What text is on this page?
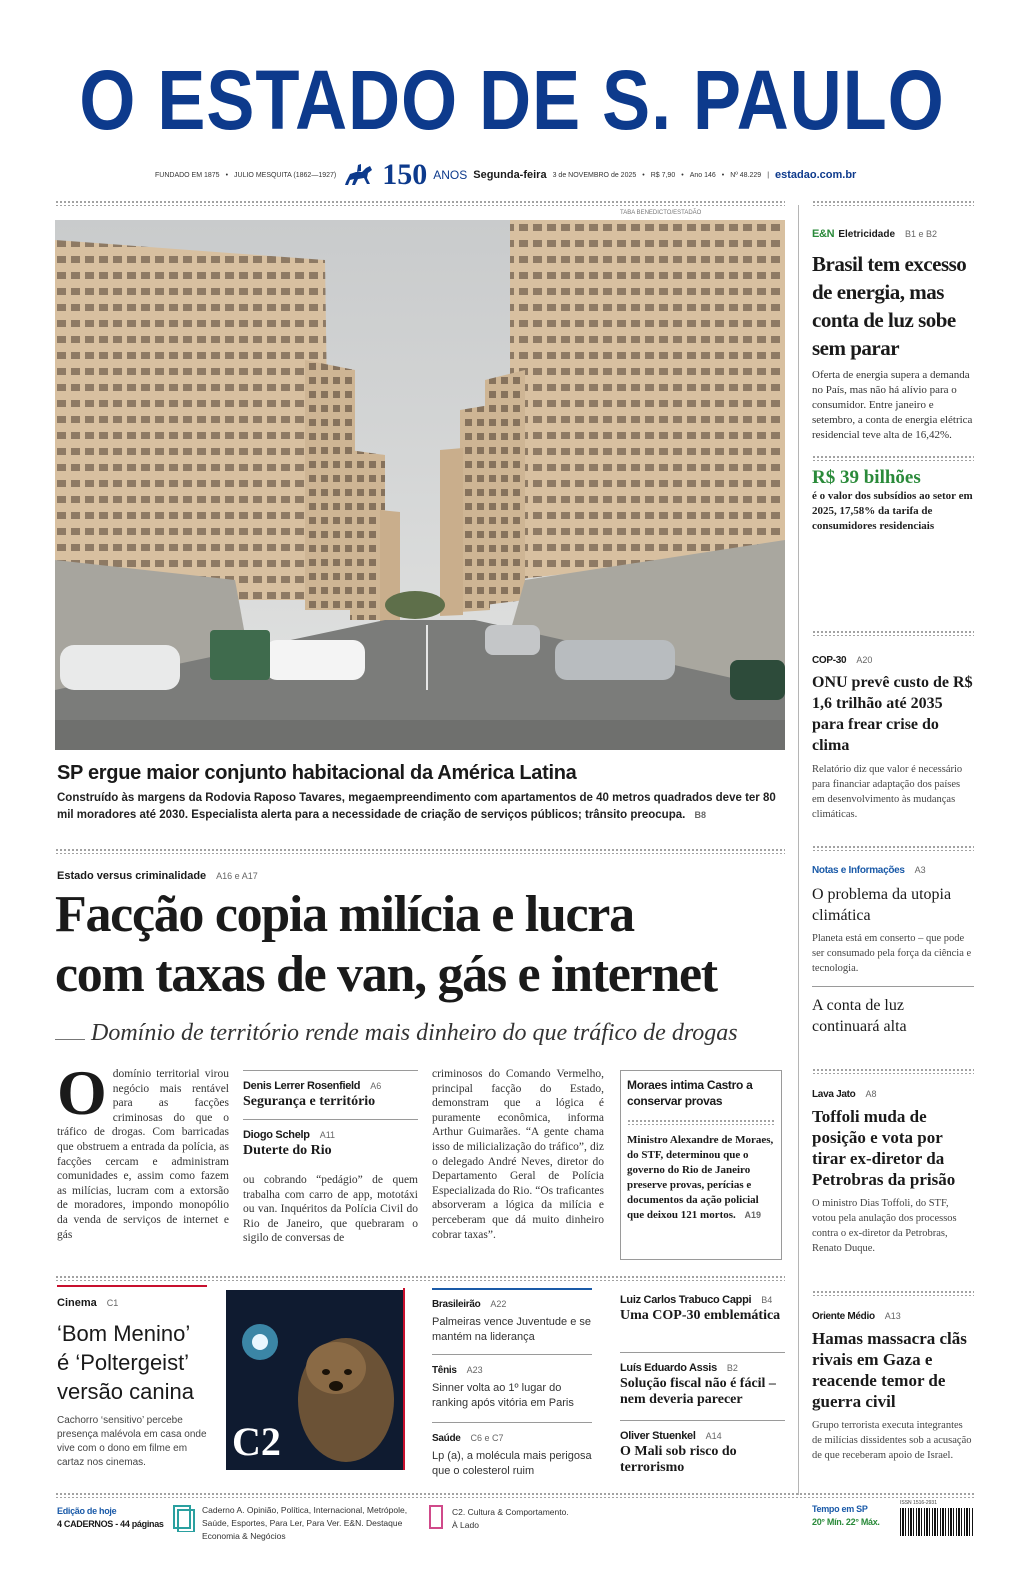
O ESTADO DE S. PAULO
FUNDADO EM 1875 • JULIO MESQUITA (1862—1927) 150 ANOS Segunda-feira 3 de NOVEMBRO de 2025 • R$ 7,90 • Ano 146 • Nº 48.229 | estadao.com.br
TABA BENEDICTO/ESTADÃO
SP ergue maior conjunto habitacional da América Latina
Construído às margens da Rodovia Raposo Tavares, megaempreendimento com apartamentos de 40 metros quadrados deve ter 80 mil moradores até 2030. Especialista alerta para a necessidade de criação de serviços públicos; trânsito preocupa. B8
Estado versus criminalidade A16 e A17
Facção copia milícia e lucra
com taxas de van, gás e internet
Domínio de território rende mais dinheiro do que tráfico de drogas
O domínio territorial virou negócio mais rentável para as facções criminosas do que o tráfico de drogas. Com barricadas que obstruem a entrada da polícia, as facções cercam e administram comunidades e, assim como fazem as milícias, lucram com a extorsão de moradores, impondo monopólio da venda de serviços de internet e gás
Denis Lerrer Rosenfield A6
Segurança e território
Diogo Schelp A11
Duterte do Rio
ou cobrando “pedágio” de quem trabalha com carro de app, mototáxi ou van. Inquéritos da Polícia Civil do Rio de Janeiro, que quebraram o sigilo de conversas de
criminosos do Comando Vermelho, principal facção do Estado, demonstram que a lógica é puramente econômica, informa Arthur Guimarães. “A gente chama isso de milicialização do tráfico”, diz o delegado André Neves, diretor do Departamento Geral de Polícia Especializada do Rio. “Os traficantes absorveram a lógica da milícia e perceberam que dá muito dinheiro cobrar taxas”.
Moraes intima Castro a conservar provas
Ministro Alexandre de Moraes, do STF, determinou que o governo do Rio de Janeiro preserve provas, perícias e documentos da ação policial que deixou 121 mortos. A19
Cinema C1
‘Bom Menino’ é ‘Poltergeist’ versão canina
Cachorro ‘sensitivo’ percebe presença malévola em casa onde vive com o dono em filme em cartaz nos cinemas.	C2
Brasileirão A22
Palmeiras vence Juventude e se mantém na liderança
Tênis A23
Sinner volta ao 1º lugar do ranking após vitória em Paris
Saúde C6 e C7
Lp (a), a molécula mais perigosa que o colesterol ruim
Luiz Carlos Trabuco Cappi B4
Uma COP-30 emblemática
Luís Eduardo Assis B2
Solução fiscal não é fácil – nem deveria parecer
Oliver Stuenkel A14
O Mali sob risco do terrorismo
E&N Eletricidade B1 e B2
Brasil tem excesso de energia, mas conta de luz sobe sem parar
Oferta de energia supera a demanda no País, mas não há alívio para o consumidor. Entre janeiro e setembro, a conta de energia elétrica residencial teve alta de 16,42%.
R$ 39 bilhões
é o valor dos subsídios ao setor em 2025, 17,58% da tarifa de consumidores residenciais
COP-30 A20
ONU prevê custo de R$ 1,6 trilhão até 2035 para frear crise do clima
Relatório diz que valor é necessário para financiar adaptação dos países em desenvolvimento às mudanças climáticas.
Notas e Informações A3
O problema da utopia climática
Planeta está em conserto – que pode ser consumado pela força da ciência e tecnologia.
A conta de luz continuará alta
Lava Jato A8
Toffoli muda de posição e vota por tirar ex-diretor da Petrobras da prisão
O ministro Dias Toffoli, do STF, votou pela anulação dos processos contra o ex-diretor da Petrobras, Renato Duque.
Oriente Médio A13
Hamas massacra clãs rivais em Gaza e reacende temor de guerra civil
Grupo terrorista executa integrantes de milícias dissidentes sob a acusação de que receberam apoio de Israel.
Edição de hoje
4 CADERNOS - 44 páginas
Caderno A. Opinião, Política, Internacional, Metrópole, Saúde, Esportes, Para Ler, Para Ver. E&N. Destaque Economia & Negócios
C2. Cultura & Comportamento. À Lado
Tempo em SP
20° Mín. 22° Máx.
ISSN 1516-2931
